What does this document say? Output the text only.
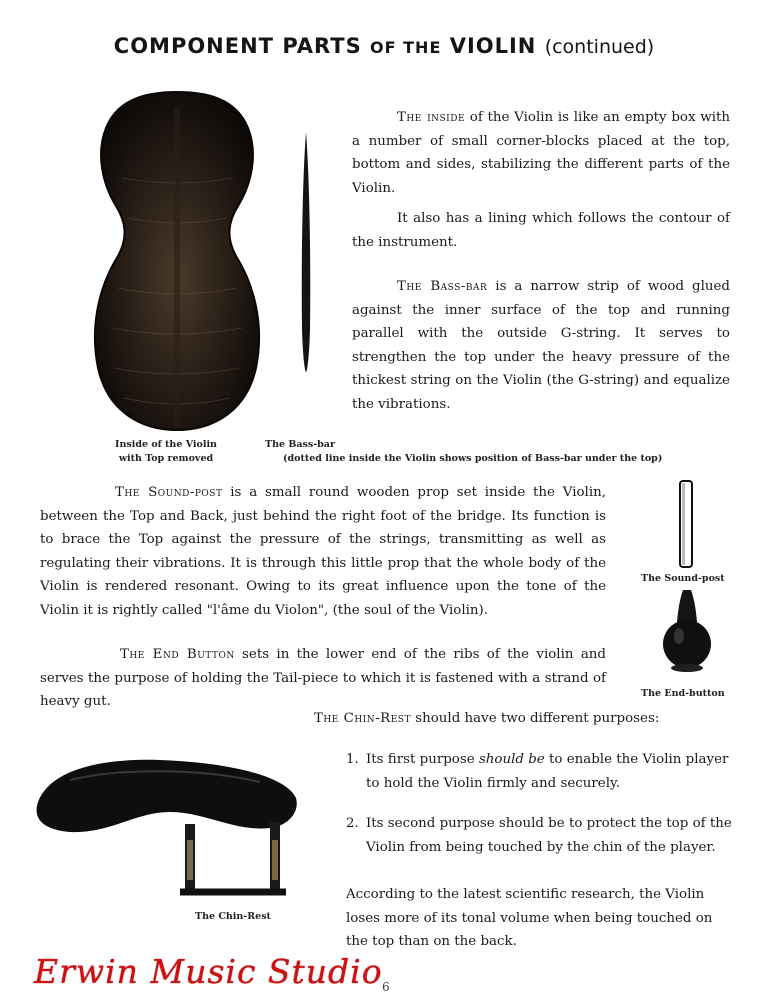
COMPONENT PARTS OF THE VIOLIN (continued)
The inside of the Violin is like an empty box with a number of small corner-blocks placed at the top, bottom and sides, stabilizing the different parts of the Violin.
It also has a lining which follows the contour of the instrument.
The Bass-bar is a narrow strip of wood glued against the inner surface of the top and running parallel with the outside G-string. It serves to strengthen the top under the heavy pressure of the thickest string on the Violin (the G-string) and equalize the vibrations.
Inside of the Violin
with Top removed
The Bass-bar
(dotted line inside the Violin shows position of Bass-bar under the top)
The Sound-post is a small round wooden prop set inside the Violin, between the Top and Back, just behind the right foot of the bridge. Its function is to brace the Top against the pressure of the strings, transmitting as well as regulating their vibrations. It is through this little prop that the whole body of the Violin is rendered resonant. Owing to its great influence upon the tone of the Violin it is rightly called "l'âme du Violon", (the soul of the Violin).
The Sound-post
The End-button
The End Button sets in the lower end of the ribs of the violin and serves the purpose of holding the Tail-piece to which it is fastened with a strand of heavy gut.
The Chin-Rest should have two different purposes:
1. Its first purpose should be to enable the Violin player to hold the Violin firmly and securely.
2. Its second purpose should be to protect the top of the Violin from being touched by the chin of the player.
According to the latest scientific research, the Violin loses more of its tonal volume when being touched on the top than on the back.
The Chin-Rest
Erwin Music Studio 6
